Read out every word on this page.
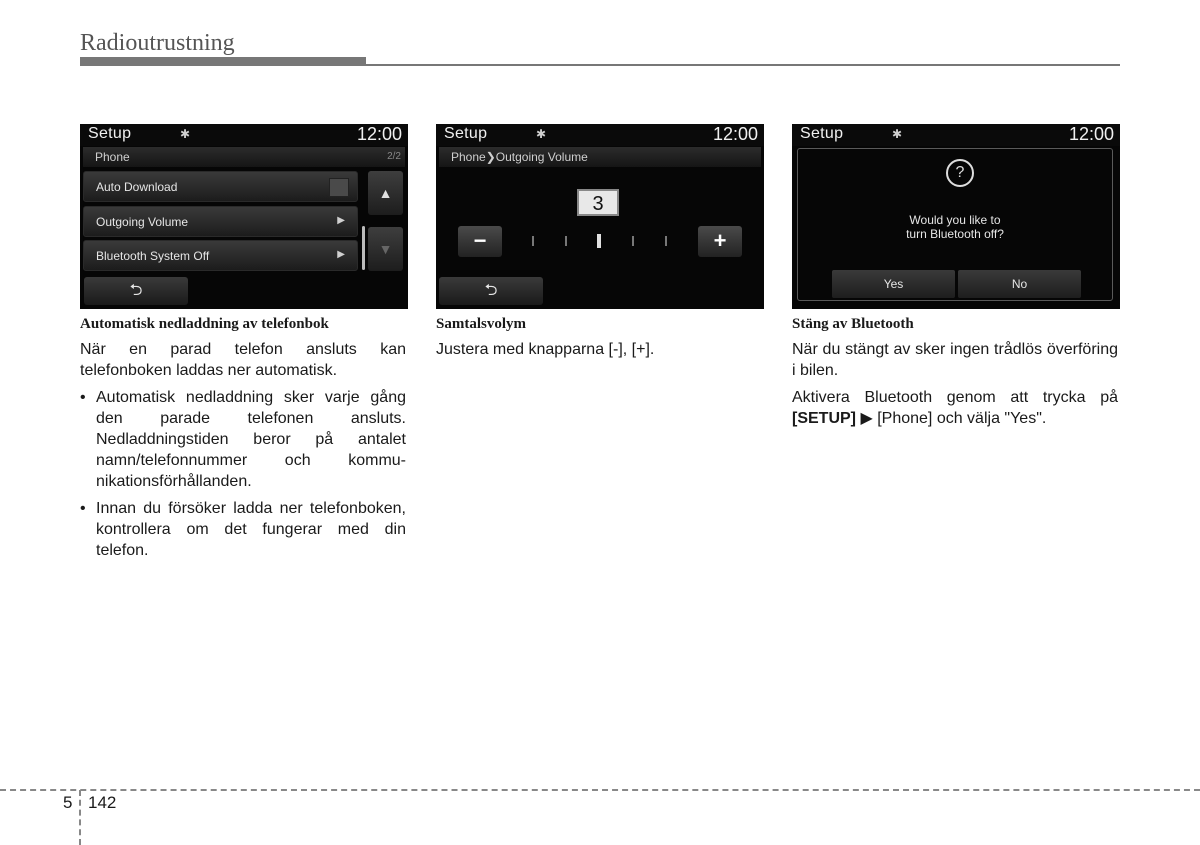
Radioutrustning
Setup	✱	12:00
Phone	2/2
Auto Download
Outgoing Volume	▶
Bluetooth System Off	▶
▲
▼
⮌
Setup	✱	12:00
Phone❯Outgoing Volume
3
−	+
⮌
Setup	✱	12:00
?
Would you like to
turn Bluetooth off?
Yes	No
Automatisk nedladdning av telefonbok

När en parad telefon ansluts kan telefonboken laddas ner automatisk.

• Automatisk nedladdning sker varje gång den parade telefonen ansluts. Nedladdningstiden beror på antalet namn/telefonnummer och kommu-nikationsförhållanden.
• Innan du försöker ladda ner telefonboken, kontrollera om det fungerar med din telefon.
Samtalsvolym

Justera med knapparna [-], [+].

Stäng av Bluetooth

När du stängt av sker ingen trådlös överföring i bilen.

Aktivera Bluetooth genom att trycka på [SETUP] ▶ [Phone] och välja "Yes".

5 142
